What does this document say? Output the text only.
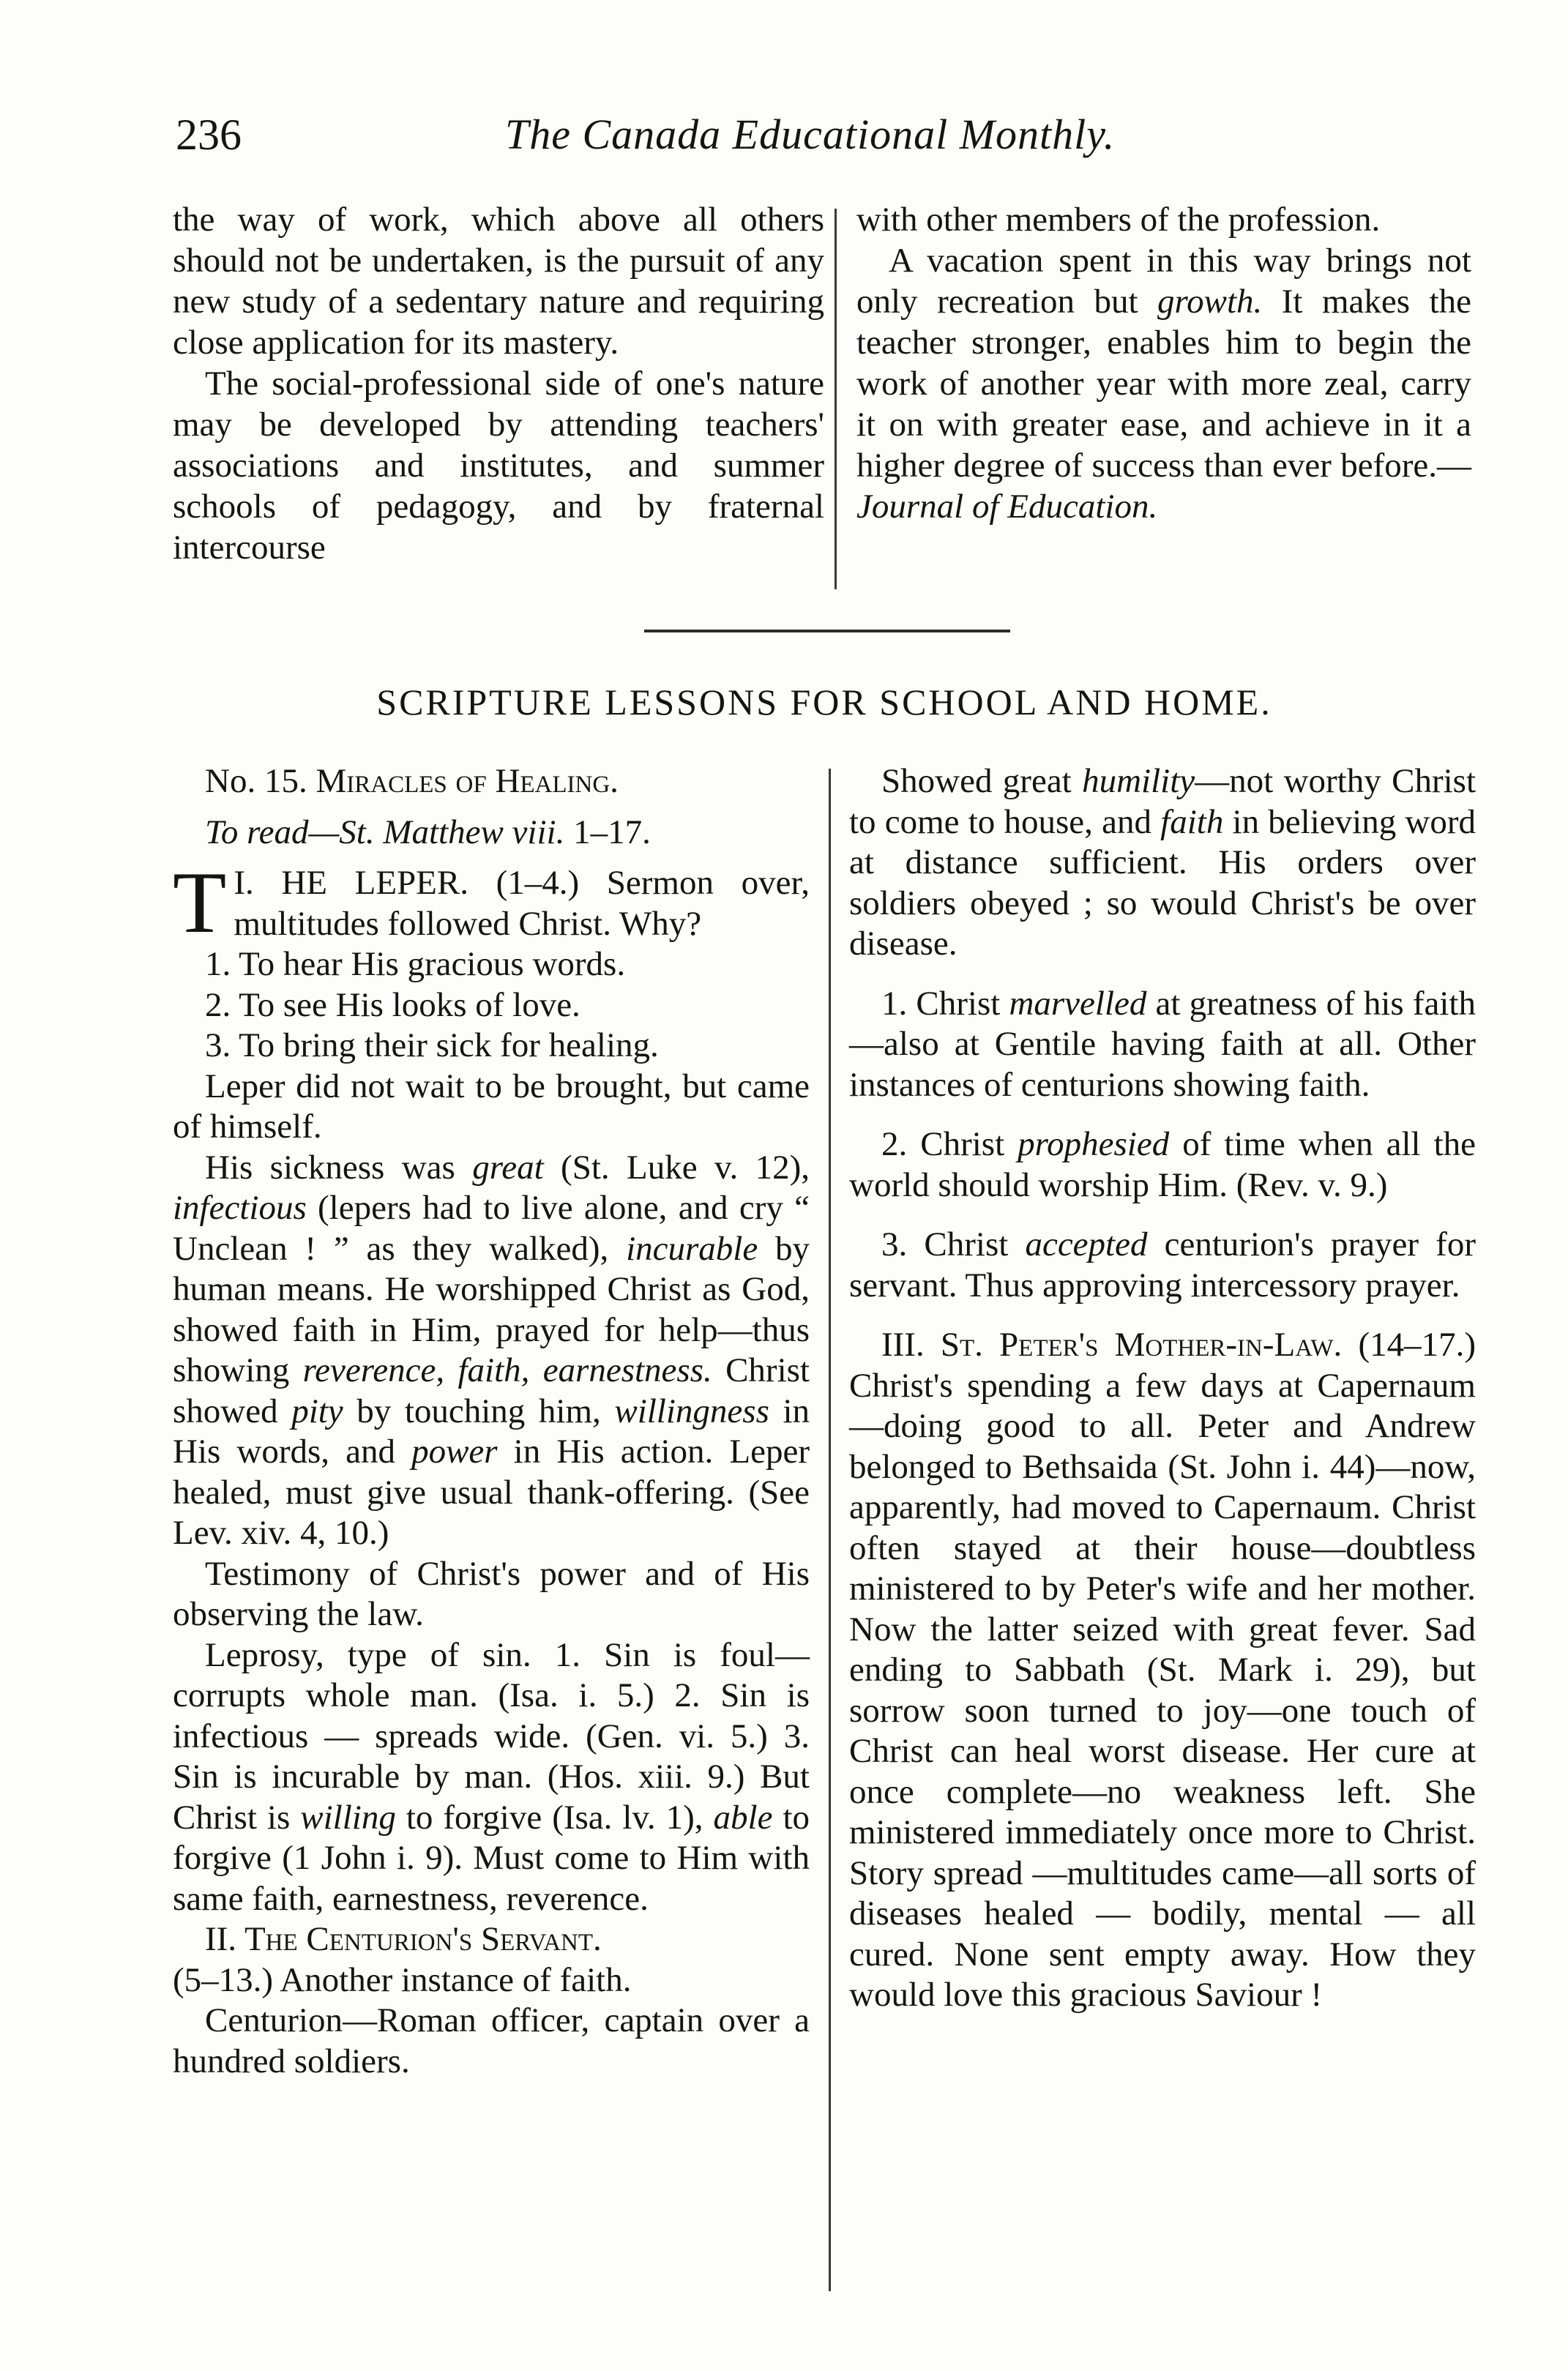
236	The Canada Educational Monthly.

the way of work, which above all others should not be undertaken, is the pursuit of any new study of a sedentary nature and requiring close application for its mastery.

The social-professional side of one's nature may be developed by attending teachers' associations and institutes, and summer schools of pedagogy, and by fraternal intercourse

with other members of the profession.

A vacation spent in this way brings not only recreation but growth. It makes the teacher stronger, enables him to begin the work of another year with more zeal, carry it on with greater ease, and achieve in it a higher degree of success than ever before.—Journal of Education.

SCRIPTURE LESSONS FOR SCHOOL AND HOME.

No. 15. Miracles of Healing.

To read—St. Matthew viii. 1–17.

I.
T HE LEPER. (1–4.) Sermon over, multitudes followed Christ. Why?

1. To hear His gracious words.

2. To see His looks of love.

3. To bring their sick for healing.

Leper did not wait to be brought, but came of himself.

His sickness was great (St. Luke v. 12), infectious (lepers had to live alone, and cry “ Unclean ! ” as they walked), incurable by human means. He worshipped Christ as God, showed faith in Him, prayed for help—thus showing reverence, faith, earnestness. Christ showed pity by touching him, willingness in His words, and power in His action. Leper healed, must give usual thank-offering. (See Lev. xiv. 4, 10.)

Testimony of Christ's power and of His observing the law.

Leprosy, type of sin. 1. Sin is foul—corrupts whole man. (Isa. i. 5.) 2. Sin is infectious — spreads wide. (Gen. vi. 5.) 3. Sin is incurable by man. (Hos. xiii. 9.) But Christ is willing to forgive (Isa. lv. 1), able to forgive (1 John i. 9). Must come to Him with same faith, earnestness, reverence.

II. The Centurion's Servant.

(5–13.) Another instance of faith.

Centurion—Roman officer, captain over a hundred soldiers.

Showed great humility—not worthy Christ to come to house, and faith in believing word at distance sufficient. His orders over soldiers obeyed ; so would Christ's be over disease.

1. Christ marvelled at greatness of his faith—also at Gentile having faith at all. Other instances of centurions showing faith.

2. Christ prophesied of time when all the world should worship Him. (Rev. v. 9.)

3. Christ accepted centurion's prayer for servant. Thus approving intercessory prayer.

III. St. Peter's Mother-in-Law. (14–17.) Christ's spending a few days at Capernaum—doing good to all. Peter and Andrew belonged to Bethsaida (St. John i. 44)—now, apparently, had moved to Capernaum. Christ often stayed at their house—doubtless ministered to by Peter's wife and her mother. Now the latter seized with great fever. Sad ending to Sabbath (St. Mark i. 29), but sorrow soon turned to joy—one touch of Christ can heal worst disease. Her cure at once complete—no weakness left. She ministered immediately once more to Christ. Story spread —multitudes came—all sorts of diseases healed — bodily, mental — all cured. None sent empty away. How they would love this gracious Saviour !
